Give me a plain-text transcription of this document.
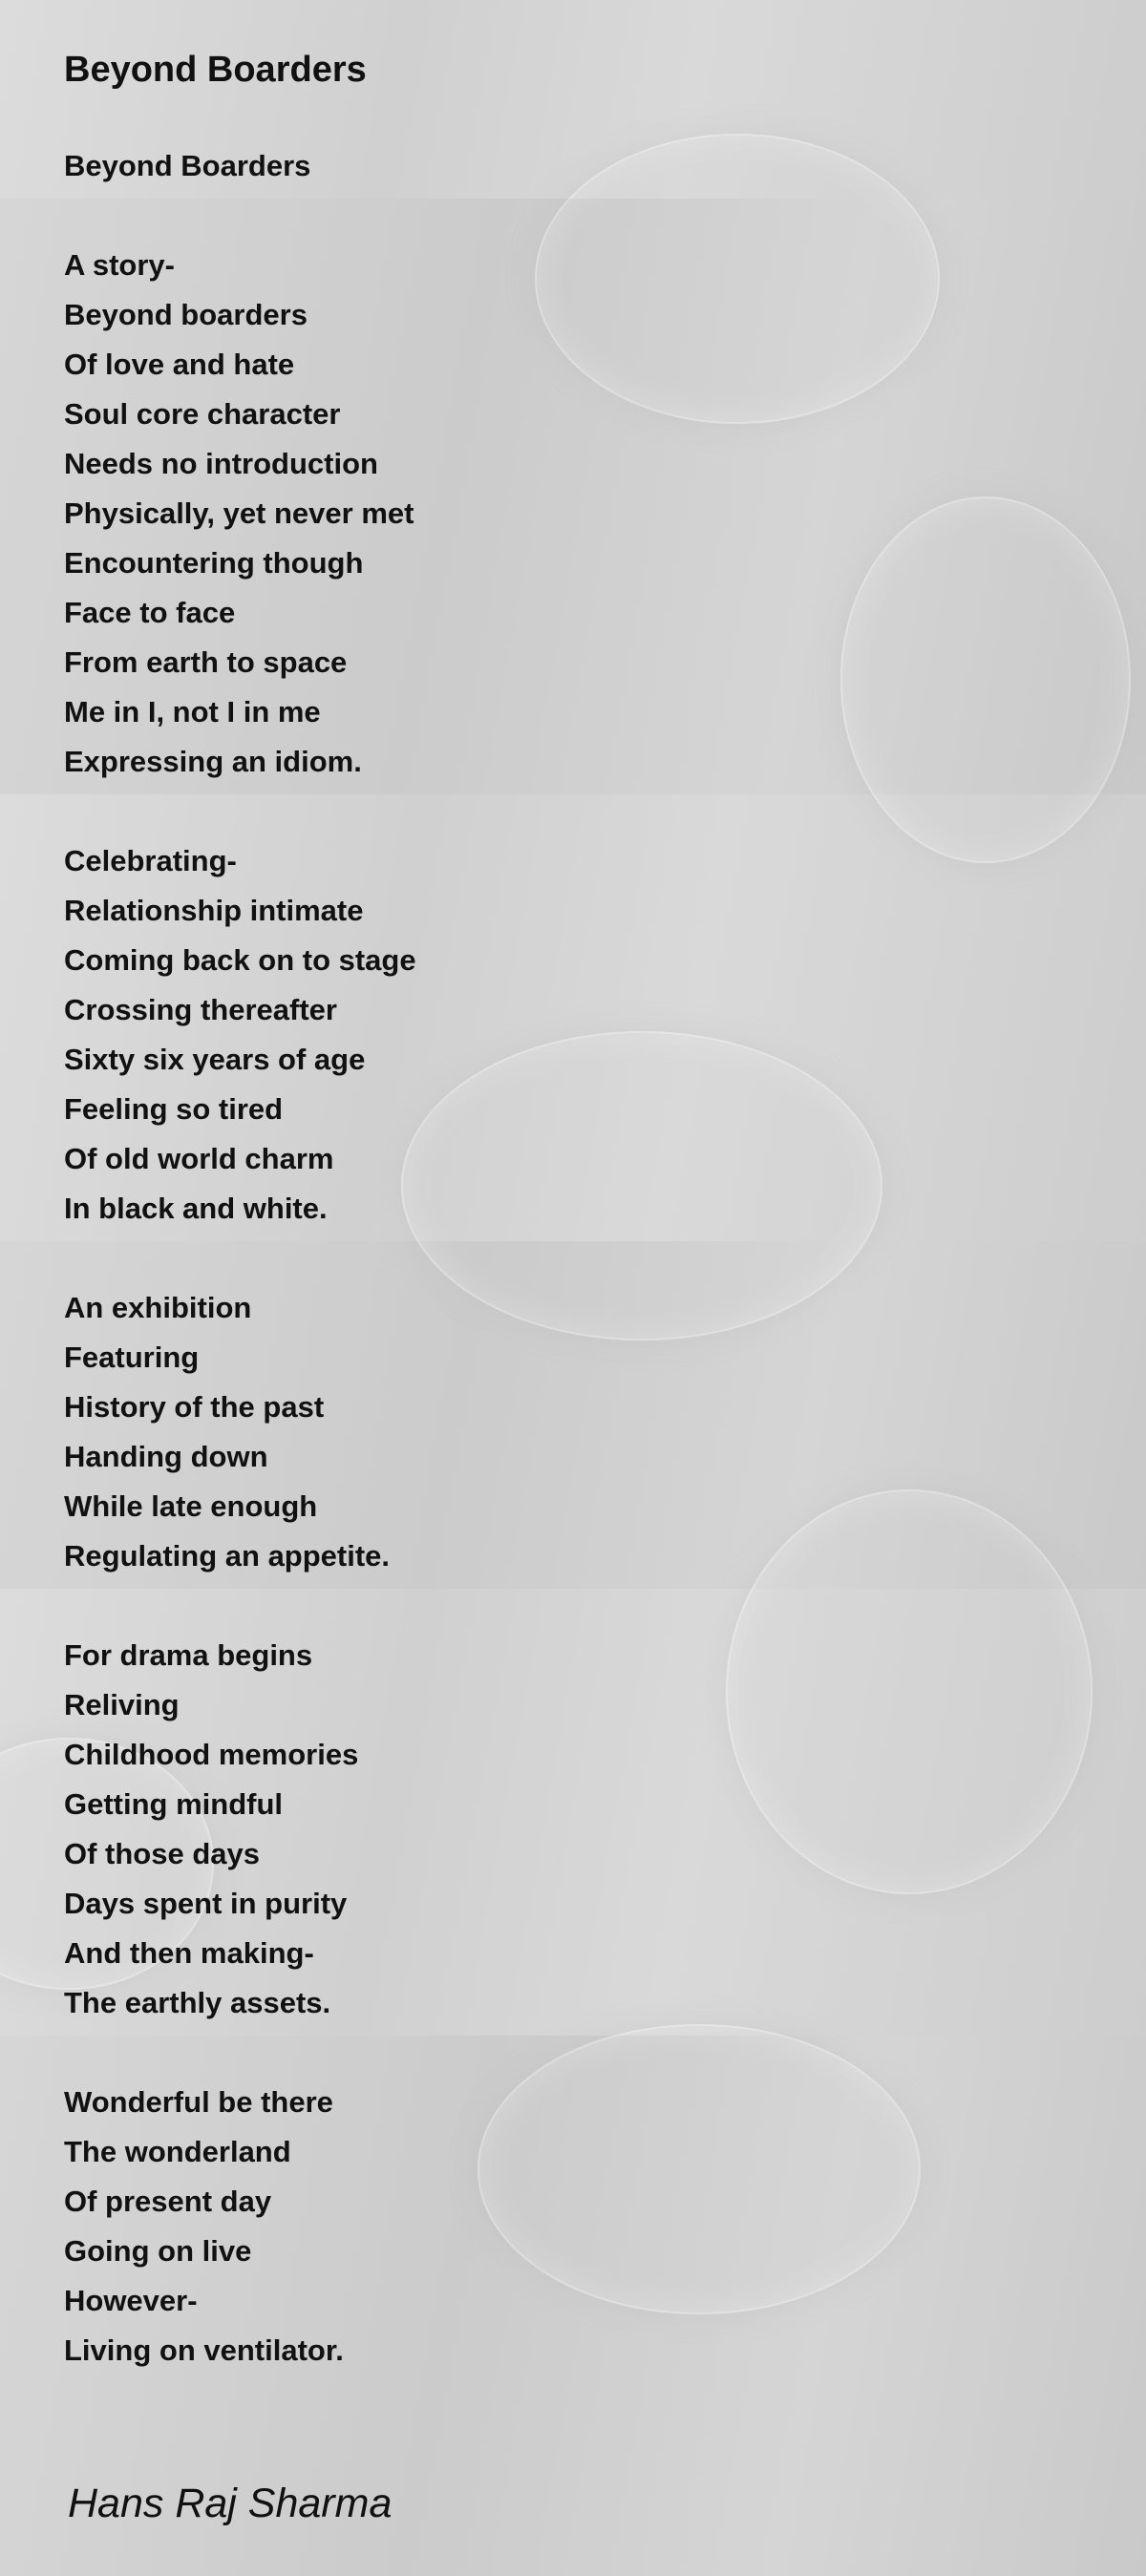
Beyond Boarders
Beyond Boarders
A story-
Beyond boarders
Of love and hate
Soul core character
Needs no introduction
Physically, yet never met
Encountering though
Face to face
From earth to space
Me in I, not I in me
Expressing an idiom.
Celebrating-
Relationship intimate
Coming back on to stage
Crossing thereafter
Sixty six years of age
Feeling so tired
Of old world charm
In black and white.
An exhibition
Featuring
History of the past
Handing down
While late enough
Regulating an appetite.
For drama begins
Reliving
Childhood memories
Getting mindful
Of those days
Days spent in purity
And then making-
The earthly assets.
Wonderful be there
The wonderland
Of present day
Going on live
However-
Living on ventilator.
Hans Raj Sharma
